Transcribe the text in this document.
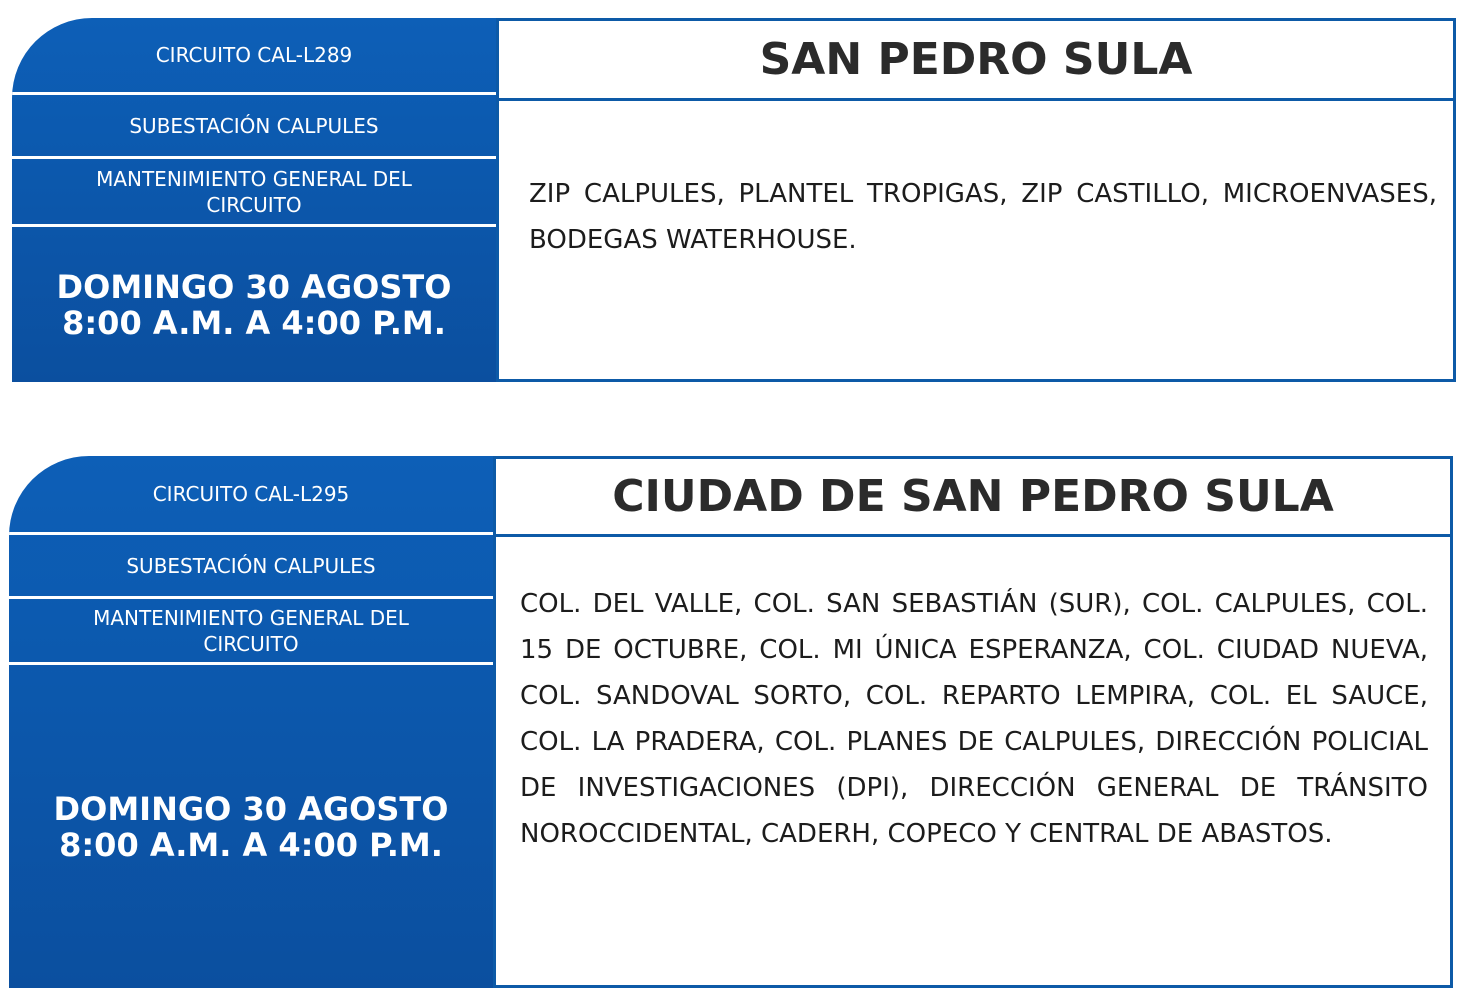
CIRCUITO CAL-L289
SUBESTACIÓN CALPULES
MANTENIMIENTO GENERAL DEL CIRCUITO
DOMINGO 30 AGOSTO
8:00 A.M. A 4:00 P.M.
SAN PEDRO SULA
ZIP CALPULES, PLANTEL TROPIGAS, ZIP CASTILLO, MICROENVASES, BODEGAS WATERHOUSE.
CIRCUITO CAL-L295
SUBESTACIÓN CALPULES
MANTENIMIENTO GENERAL DEL CIRCUITO
DOMINGO 30 AGOSTO
8:00 A.M. A 4:00 P.M.
CIUDAD DE SAN PEDRO SULA
COL. DEL VALLE, COL. SAN SEBASTIÁN (SUR), COL. CALPULES, COL. 15 DE OCTUBRE, COL. MI ÚNICA ESPERANZA, COL. CIUDAD NUEVA, COL. SANDOVAL SORTO, COL. REPARTO LEMPIRA, COL. EL SAUCE, COL. LA PRADERA, COL. PLANES DE CALPULES, DIRECCIÓN POLICIAL DE INVESTIGACIONES (DPI), DIRECCIÓN GENERAL DE TRÁNSITO NOROCCIDENTAL, CADERH, COPECO Y CENTRAL DE ABASTOS.
